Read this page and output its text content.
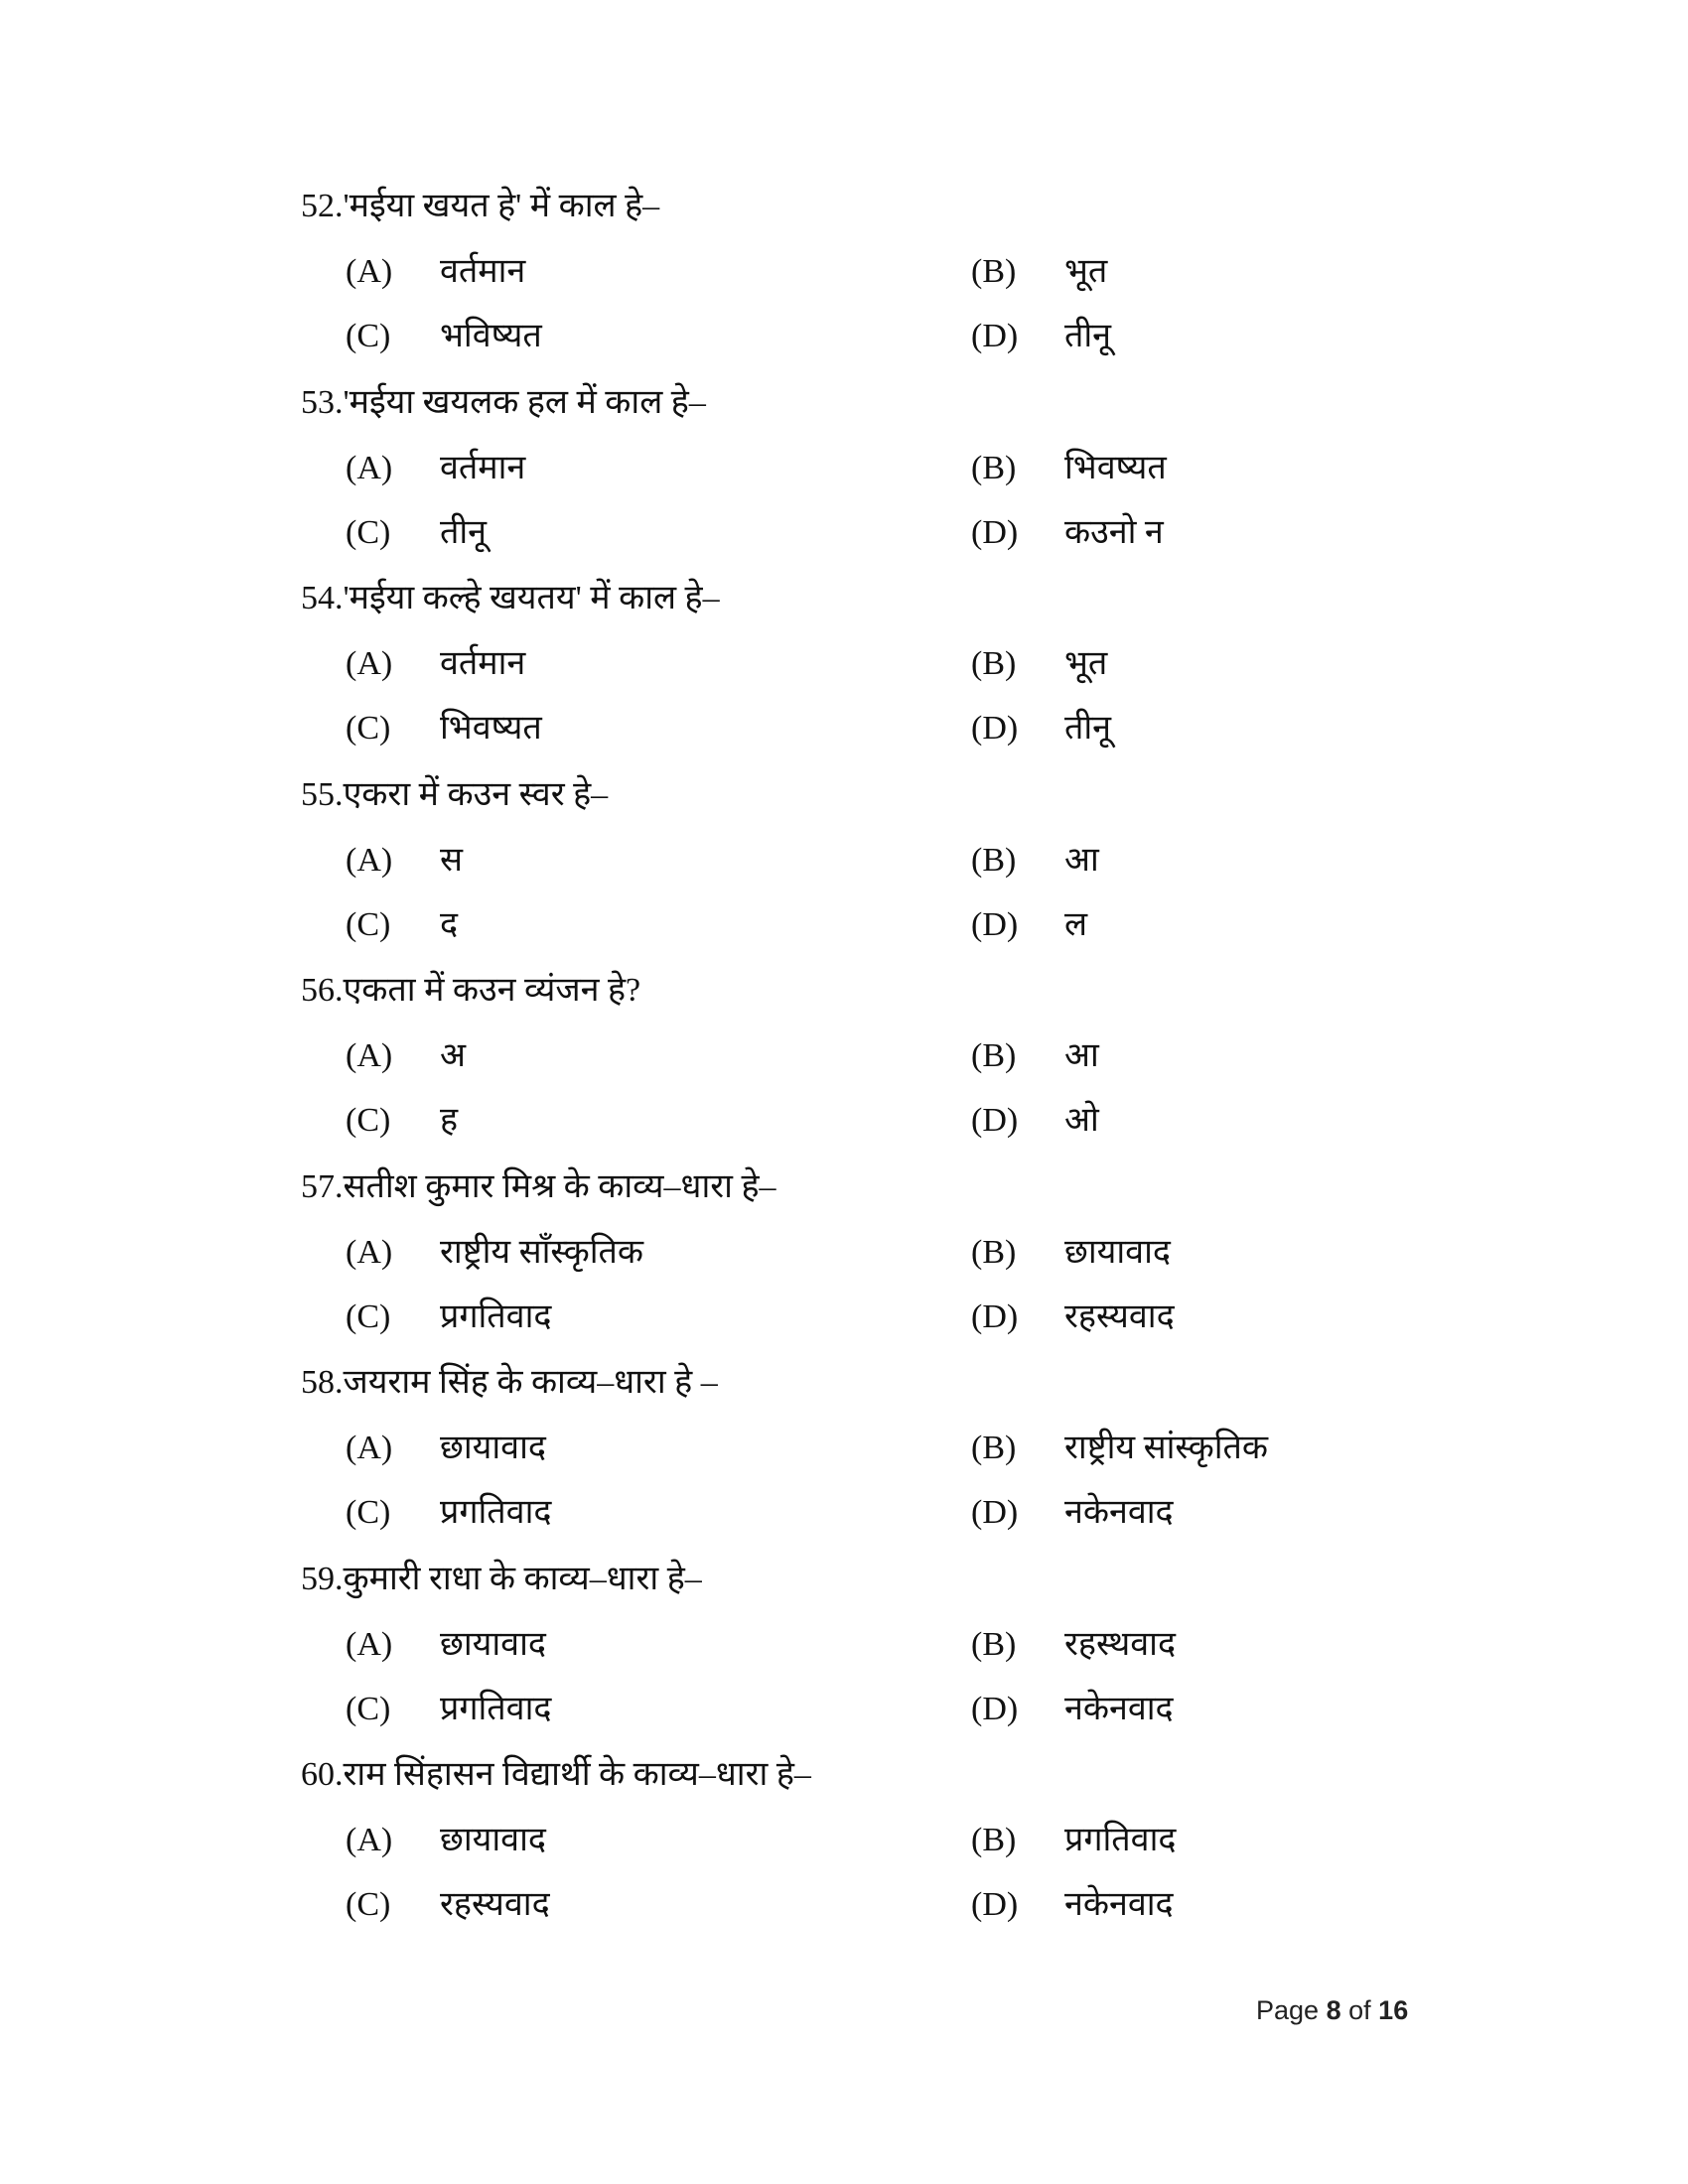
52.'मईया खयत हे' में काल हे–
(A) वर्तमान	(B) भूत
(C) भविष्यत	(D) तीनू
53.'मईया खयलक हल में काल हे–
(A) वर्तमान	(B) भिवष्यत
(C) तीनू	(D) कउनो न
54.'मईया कल्हे खयतय' में काल हे–
(A) वर्तमान	(B) भूत
(C) भिवष्यत	(D) तीनू
55.एकरा में कउन स्वर हे–
(A) स	(B) आ
(C) द	(D) ल
56.एकता में कउन व्यंजन हे?
(A) अ	(B) आ
(C) ह	(D) ओ
57.सतीश कुमार मिश्र के काव्य–धारा हे–
(A) राष्ट्रीय सॉंस्कृतिक	(B) छायावाद
(C) प्रगतिवाद	(D) रहस्यवाद
58.जयराम सिंह के काव्य–धारा हे –
(A) छायावाद	(B) राष्ट्रीय सांस्कृतिक
(C) प्रगतिवाद	(D) नकेनवाद
59.कुमारी राधा के काव्य–धारा हे–
(A) छायावाद	(B) रहस्थवाद
(C) प्रगतिवाद	(D) नकेनवाद
60.राम सिंहासन विद्यार्थी के काव्य–धारा हे–
(A) छायावाद	(B) प्रगतिवाद
(C) रहस्यवाद	(D) नकेनवाद
Page 8 of 16
